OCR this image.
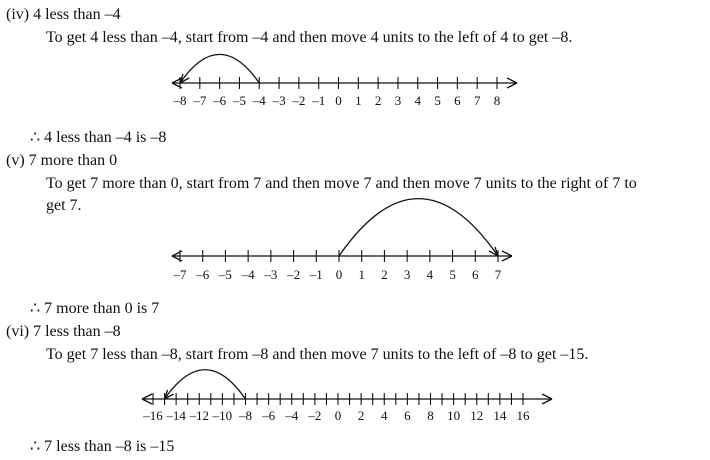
(iv) 4 less than –4
To get 4 less than –4, start from –4 and then move 4 units to the left of 4 to get –8.
–8 –7 –6 –5 –4 –3 –2 –1 0 1 2 3 4 5 6 7 8
∴ 4 less than –4 is –8
(v) 7 more than 0
To get 7 more than 0, start from 7 and then move 7 and then move 7 units to the right of 7 to
get 7.
–7 –6 –5 –4 –3 –2 –1 0 1 2 3 4 5 6 7
∴ 7 more than 0 is 7
(vi) 7 less than –8
To get 7 less than –8, start from –8 and then move 7 units to the left of –8 to get –15.
–16 –14 –12 –10 –8 –6 –4 –2 0 2 4 6 8 10 12 14 16
∴ 7 less than –8 is –15
